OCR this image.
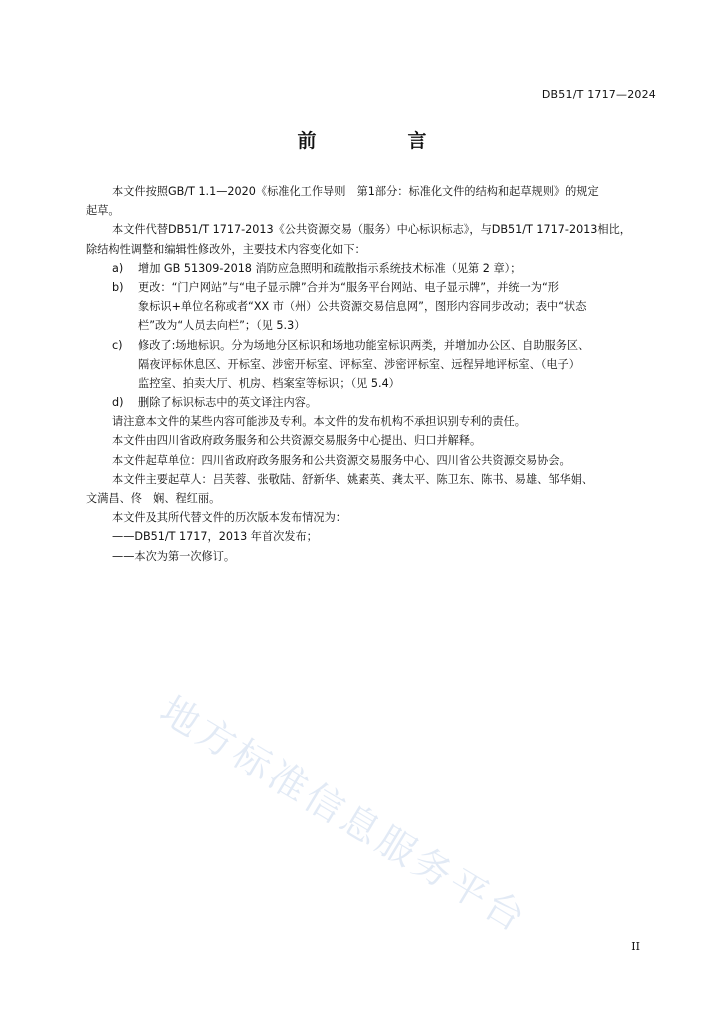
DB51/T 1717—2024
前　言
本文件按照GB/T 1.1—2020《标准化工作导则　第1部分：标准化文件的结构和起草规则》的规定
起草。
本文件代替DB51/T 1717-2013《公共资源交易（服务）中心标识标志》，与DB51/T 1717-2013相比，
除结构性调整和编辑性修改外，主要技术内容变化如下：
a)	增加 GB 51309-2018 消防应急照明和疏散指示系统技术标准（见第 2 章）；
b)	更改：“门户网站”与“电子显示牌”合并为“服务平台网站、电子显示牌”，并统一为“形
象标识+单位名称或者“XX 市（州）公共资源交易信息网”，图形内容同步改动；表中“状态
栏”改为“人员去向栏”；（见 5.3）
c)	修改了:场地标识。分为场地分区标识和场地功能室标识两类，并增加办公区、自助服务区、
隔夜评标休息区、开标室、涉密开标室、评标室、涉密评标室、远程异地评标室、（电子）
监控室、拍卖大厅、机房、档案室等标识；（见 5.4）
d)	删除了标识标志中的英文译注内容。
请注意本文件的某些内容可能涉及专利。本文件的发布机构不承担识别专利的责任。
本文件由四川省政府政务服务和公共资源交易服务中心提出、归口并解释。
本文件起草单位：四川省政府政务服务和公共资源交易服务中心、四川省公共资源交易协会。
本文件主要起草人：吕芙蓉、张敬陆、舒新华、姚素英、龚太平、陈卫东、陈书、易雄、邹华娟、
文满昌、佟　娴、程红丽。
本文件及其所代替文件的历次版本发布情况为：
——DB51/T 1717，2013 年首次发布；
——本次为第一次修订。
地方标准信息服务平台
II
